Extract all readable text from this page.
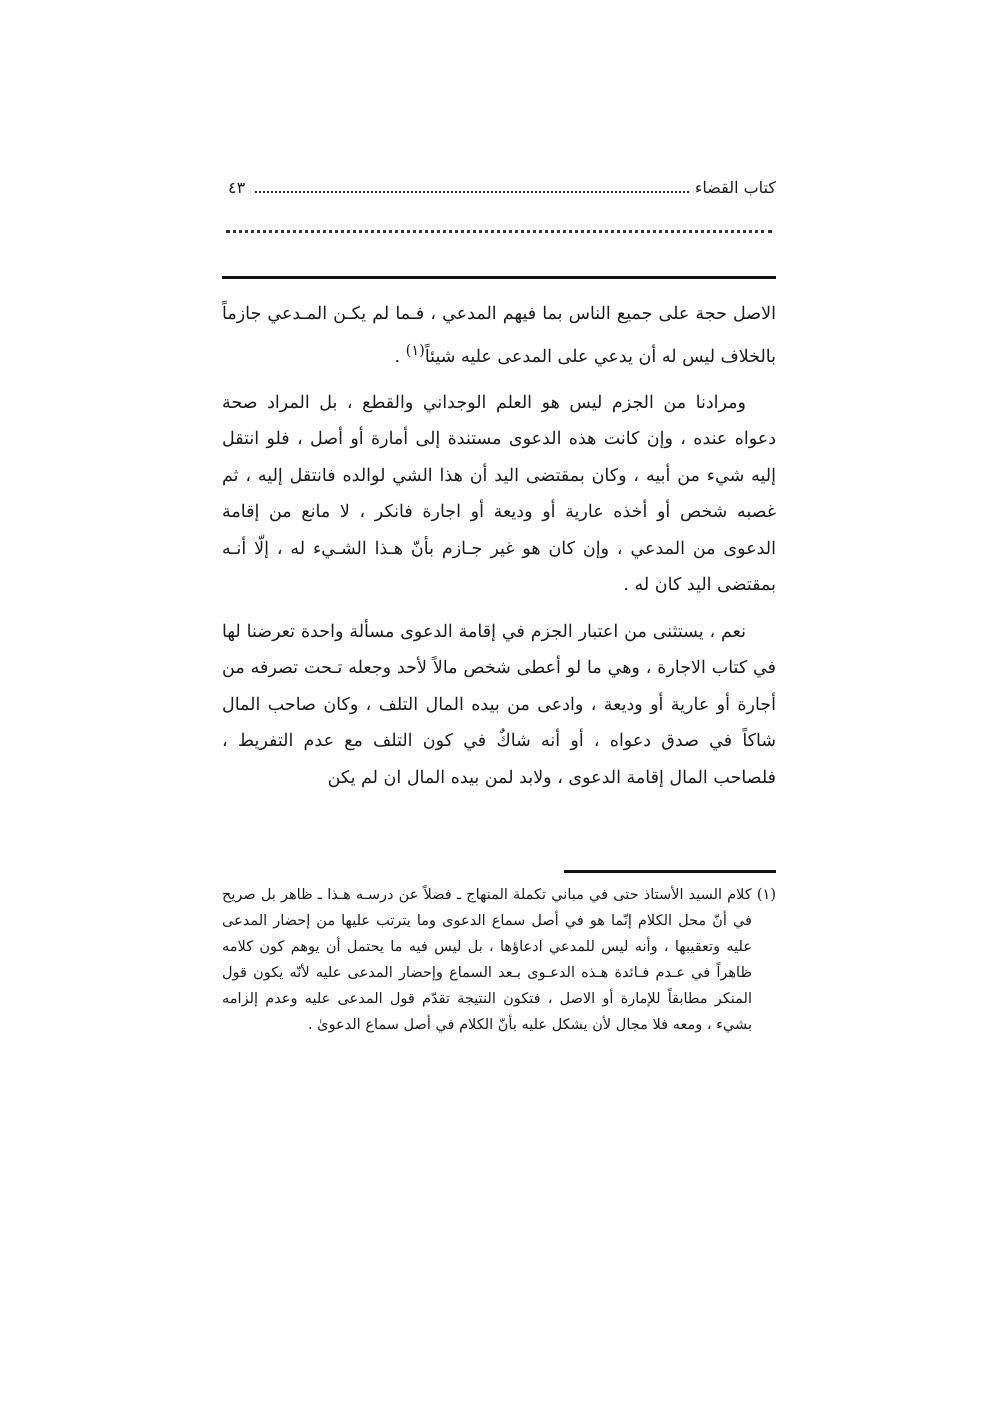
كتاب القضاء
٤٣

الاصل حجة على جميع الناس بما فيهم المدعي ، فـما لم يكـن المـدعي جازماً بالخلاف ليس له أن يدعي على المدعى عليه شيئاً$^{(١)}$ .

ومرادنا من الجزم ليس هو العلم الوجداني والقطع ، بل المراد صحة دعواه عنده ، وإن كانت هذه الدعوى مستندة إلى أمارة أو أصل ، فلو انتقل إليه شيء من أبيه ، وكان بمقتضى اليد أن هذا الشي لوالده فانتقل إليه ، ثم غصبه شخص أو أخذه عارية أو وديعة أو اجارة فانكر ، لا مانع من إقامة الدعوى من المدعي ، وإن كان هو غير جـازم بأنّ هـذا الشـيء له ، إلّا أنـه بمقتضى اليد كان له .

نعم ، يستثنى من اعتبار الجزم في إقامة الدعوى مسألة واحدة تعرضنا لها في كتاب الاجارة ، وهي ما لو أعطى شخص مالاً لأحد وجعله تـحت تصرفه من أجارة أو عارية أو وديعة ، وادعى من بيده المال التلف ، وكان صاحب المال شاكاً في صدق دعواه ، أو أنه شاكٌ في كون التلف مع عدم التفريط ، فلصاحب المال إقامة الدعوى ، ولابد لمن بيده المال ان لم يكن

(١) كلام السيد الأستاذ حتى في مباني تكملة المنهاج ـ فضلاً عن درسـه هـذا ـ ظاهر بل صريح في أنّ محل الكلام إنّما هو في أصل سماع الدعوى وما يترتب عليها من إحضار المدعى عليه وتعقيبها ، وأنه ليس للمدعي ادعاؤها ، بل ليس فيه ما يحتمل أن يوهم كون كلامه ظاهراً في عـدم فـائدة هـذه الدعـوى بـعد السماع وإحضار المدعى عليه لأنّه يكون قول المنكر مطابقاً للإمارة أو الاصل ، فتكون النتيجة تقدّم قول المدعى عليه وعدم إلزامه بشيء ، ومعه فلا مجال لأن يشكل عليه بأنّ الكلام في أصل سماع الدعوىٰ .
